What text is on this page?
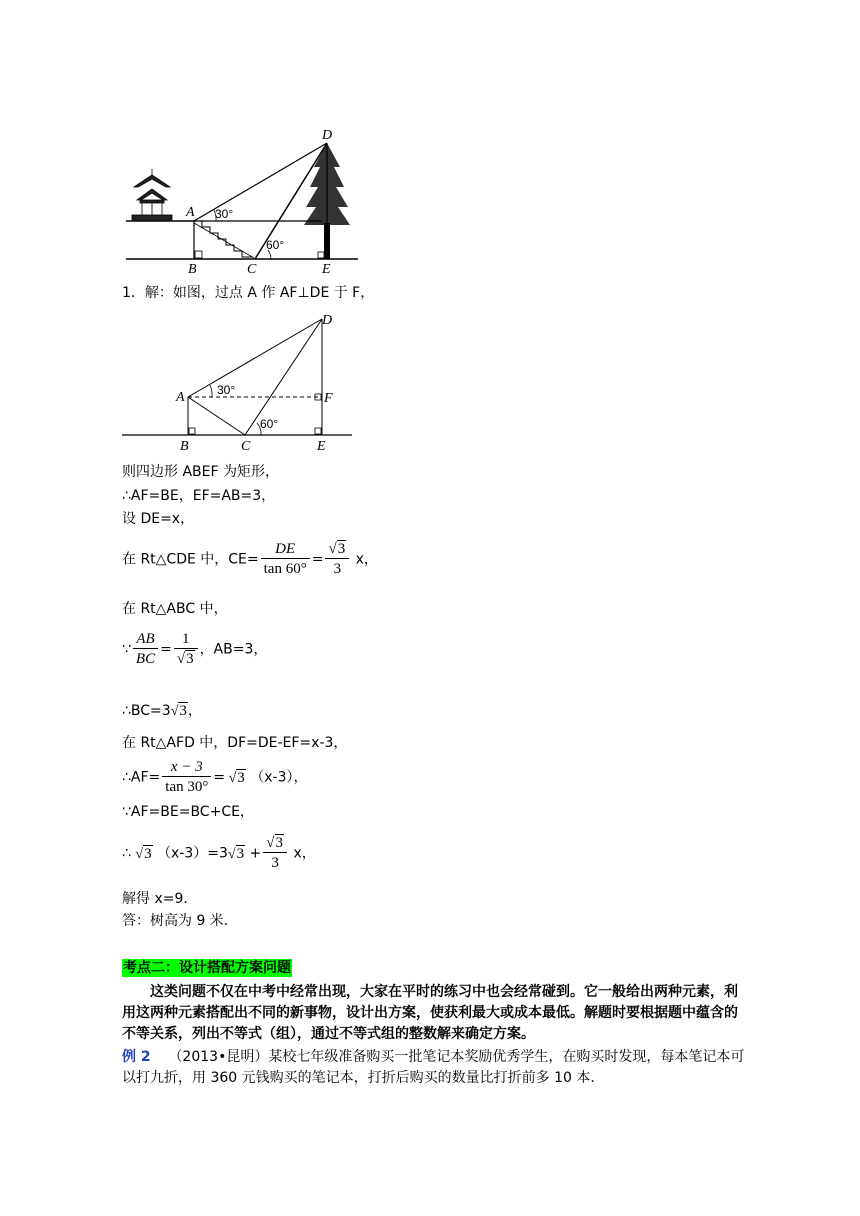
A
B	C
D
E
30°
60°
1．解：如图，过点 A 作 AF⊥DE 于 F，
A
B	C
D
E
F
30°
60°
则四边形 ABEF 为矩形，
∴AF=BE，EF=AB=3，
设 DE=x，
在 Rt△CDE 中，$CE= \frac{DE}{\tan 60^\circ} = \frac{√3}{3}$ x，
在 Rt△ABC 中，
∵ $\frac{AB}{BC} = \frac{1}{√3}$ ，AB=3，
∴BC=3√3，
在 Rt△AFD 中，DF=DE-EF=x-3，
∴AF= $\frac{x - 3}{\tan 30^\circ} = √3$ （x-3），
∵AF=BE=BC+CE，
∴ √3 $(x-3)=3√3 + \frac{√3}{3}$ x，
解得 x=9．
答：树高为 9 米．
考点二：设计搭配方案问题
这类问题不仅在中考中经常出现，大家在平时的练习中也会经常碰到。它一般给出两种元素，利用这两种元素搭配出不同的新事物，设计出方案，使获利最大或成本最低。解题时要根据题中蕴含的不等关系，列出不等式（组），通过不等式组的整数解来确定方案。
例 2 （2013•昆明）某校七年级准备购买一批笔记本奖励优秀学生，在购买时发现，每本笔记本可以打九折，用 360 元钱购买的笔记本，打折后购买的数量比打折前多 10 本．
